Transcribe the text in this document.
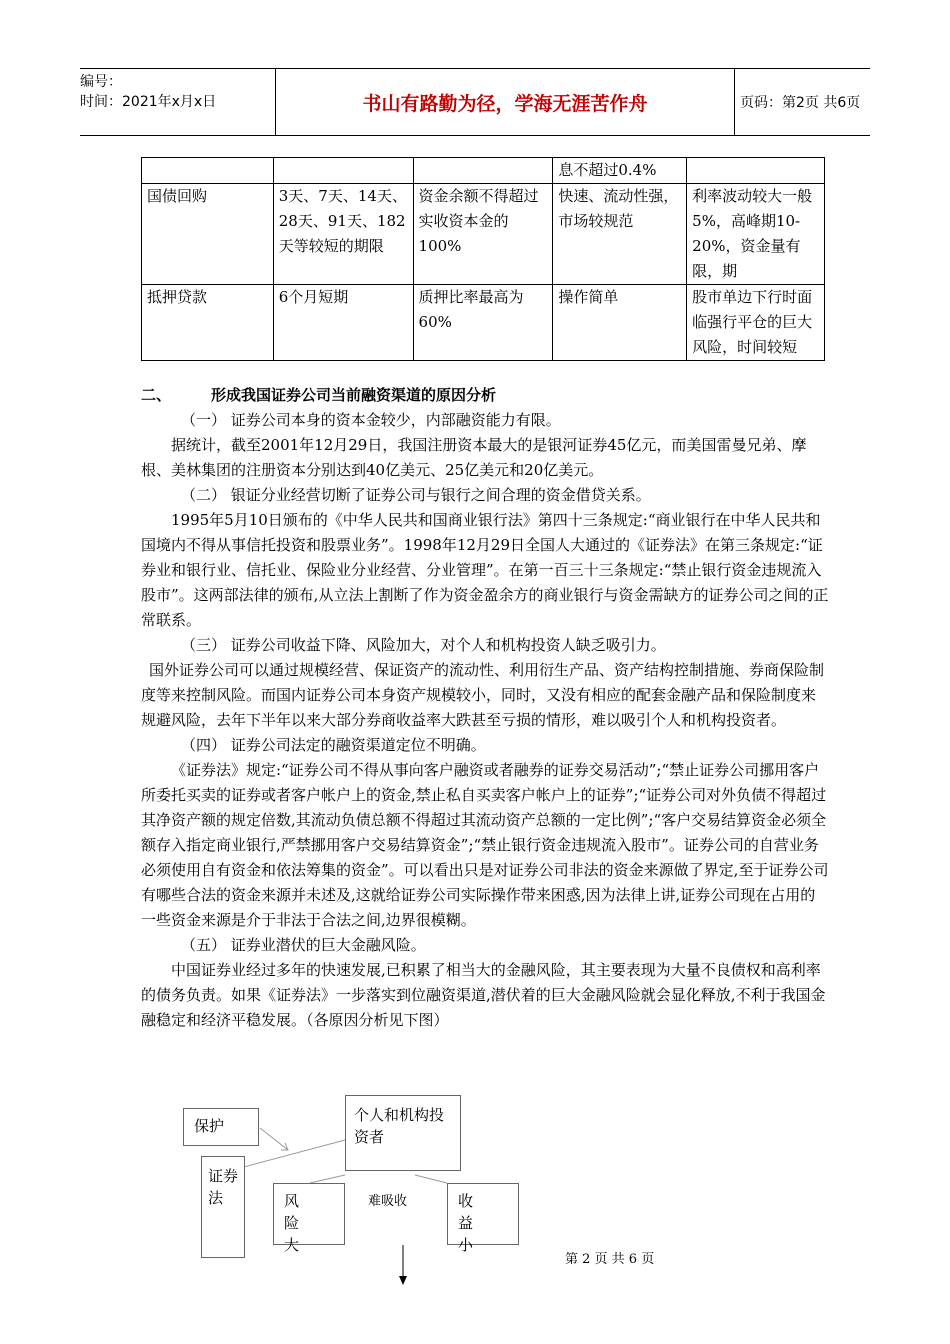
编号：
时间：2021年x月x日	书山有路勤为径，学海无涯苦作舟	页码：第2页 共6页
			息不超过0.4%	
国债回购	3天、7天、14天、28天、91天、182天等较短的期限	资金余额不得超过实收资本金的100%	快速、流动性强，市场较规范	利率波动较大一般5%，高峰期10-20%，资金量有限，期
抵押贷款	6个月短期	质押比率最高为60%	操作简单	股市单边下行时面临强行平仓的巨大风险，时间较短

二、	形成我国证券公司当前融资渠道的原因分析

（一） 证券公司本身的资本金较少，内部融资能力有限。

据统计，截至2001年12月29日，我国注册资本最大的是银河证券45亿元，而美国雷曼兄弟、摩根、美林集团的注册资本分别达到40亿美元、25亿美元和20亿美元。

（二） 银证分业经营切断了证券公司与银行之间合理的资金借贷关系。

1995年5月10日颁布的《中华人民共和国商业银行法》第四十三条规定:“商业银行在中华人民共和国境内不得从事信托投资和股票业务”。1998年12月29日全国人大通过的《证券法》在第三条规定:“证券业和银行业、信托业、保险业分业经营、分业管理”。在第一百三十三条规定:“禁止银行资金违规流入股市”。这两部法律的颁布,从立法上割断了作为资金盈余方的商业银行与资金需缺方的证券公司之间的正常联系。

（三） 证券公司收益下降、风险加大，对个人和机构投资人缺乏吸引力。

国外证券公司可以通过规模经营、保证资产的流动性、利用衍生产品、资产结构控制措施、券商保险制度等来控制风险。而国内证券公司本身资产规模较小，同时，又没有相应的配套金融产品和保险制度来规避风险，去年下半年以来大部分券商收益率大跌甚至亏损的情形，难以吸引个人和机构投资者。

（四） 证券公司法定的融资渠道定位不明确。

《证券法》规定:“证券公司不得从事向客户融资或者融券的证券交易活动”;“禁止证券公司挪用客户所委托买卖的证券或者客户帐户上的资金,禁止私自买卖客户帐户上的证券”;“证券公司对外负债不得超过其净资产额的规定倍数,其流动负债总额不得超过其流动资产总额的一定比例”;“客户交易结算资金必须全额存入指定商业银行,严禁挪用客户交易结算资金”;“禁止银行资金违规流入股市”。证券公司的自营业务必须使用自有资金和依法筹集的资金”。可以看出只是对证券公司非法的资金来源做了界定,至于证券公司有哪些合法的资金来源并未述及,这就给证券公司实际操作带来困惑,因为法律上讲,证券公司现在占用的一些资金来源是介于非法于合法之间,边界很模糊。

（五） 证券业潜伏的巨大金融风险。

中国证券业经过多年的快速发展,已积累了相当大的金融风险，其主要表现为大量不良债权和高利率的债务负责。如果《证券法》一步落实到位融资渠道,潜伏着的巨大金融风险就会显化释放,不利于我国金融稳定和经济平稳发展。（各原因分析见下图）

保护
个人和机构投资者
证券法	风险大
难吸收	收益小
第 2 页 共 6 页
